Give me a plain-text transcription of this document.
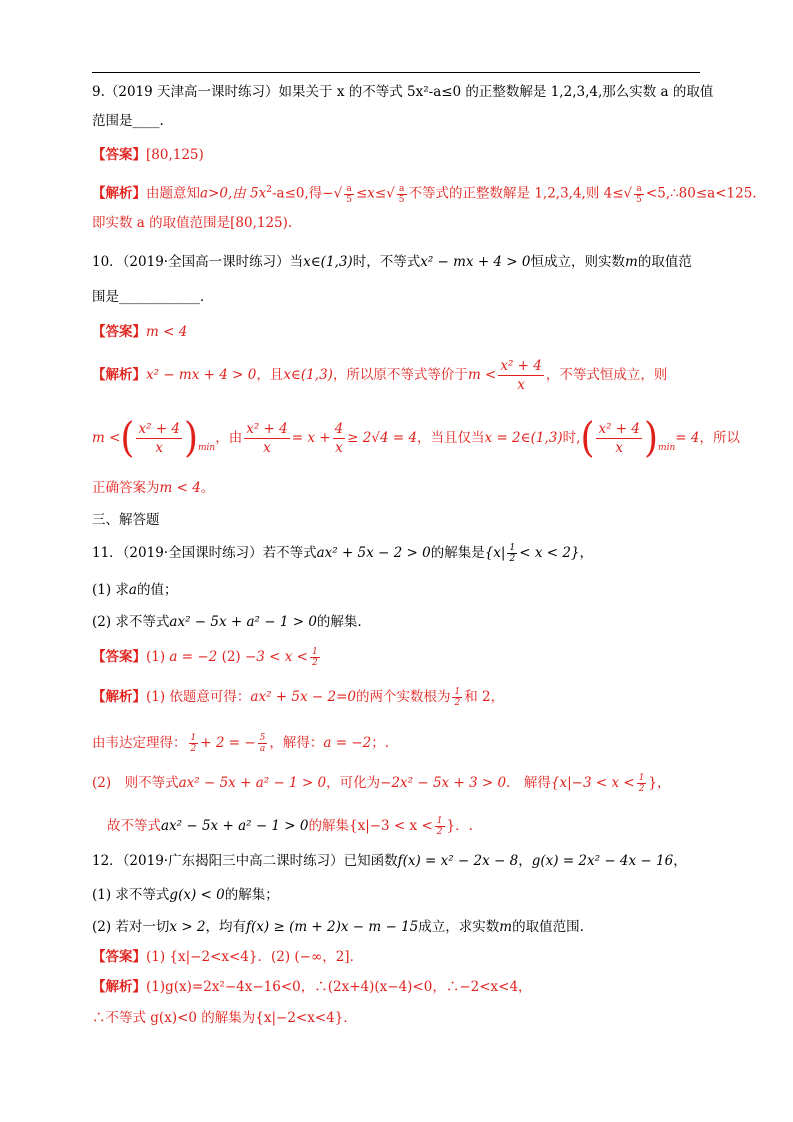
9.（2019 天津高一课时练习）如果关于 x 的不等式 5x²-a≤0 的正整数解是 1,2,3,4,那么实数 a 的取值
范围是____.
【答案】[80,125)
【解析】由题意知a>0,由 $5x^2-a\le 0$,得−√ $\frac{a}{5} \le x\le√ \frac{a}{5}$ 不等式的正整数解是 1,2,3,4,则 $4\le√ \frac{a}{5}$ <5,∴80≤a<125.
即实数 a 的取值范围是[80,125).
10．（2019·全国高一课时练习）当x∈(1,3)时，不等式x² − mx + 4 > 0恒成立，则实数m的取值范
围是____________．
【答案】m < 4
【解析】x² − mx + 4 > 0，且x∈(1,3)，所以原不等式等价于$m < \frac{\text{x² + 4}}{x}$ ，不等式恒成立，则
m <( $\frac{\text{x² + 4}}{x} )_{min}$，由 $\frac{\text{x² + 4}}{x} = x + \frac{4}{x} \ge 2√4 = 4$，当且仅当x = 2∈(1,3)时,( $\frac{\text{x² + 4}}{x} )_{min}= 4$，所以
正确答案为m < 4。
三、解答题
11．（2019·全国课时练习）若不等式ax² + 5x − 2 > 0的解集是$\{x| \frac{1}{2} < x < 2\}$，
(1) 求a的值；
(2) 求不等式ax² − 5x + a² − 1 > 0的解集.
【答案】(1) a = −2 $(2) -3 < x < \frac{1}{2}$
【解析】(1) 依题意可得：ax² + 5x − 2=0的两个实数根为 $\frac{1}{2}$ 和 2，
由韦达定理得： $\frac{1}{2} + 2$ = − $\frac{5}{a}$ ，解得：a = −2；.
(2)　则不等式ax² − 5x + a² − 1 > 0，可化为−2x² − 5x + 3 > 0． 解得{$x|-3 < x < \frac{1}{2}$ }，
故不等式ax² − 5x + a² − 1 > 0的解集{$x|-3 < x < \frac{1}{2}$ }．.
12．（2019·广东揭阳三中高二课时练习）已知函数f(x) = x² − 2x − 8，g(x) = 2x² − 4x − 16，
(1) 求不等式g(x) < 0的解集；
(2) 若对一切x > 2，均有f(x) ≥ (m + 2)x − m − 15成立，求实数m的取值范围.
【答案】(1) {x|−2<x<4}．(2) (−∞，2]．
【解析】(1)g(x)=2x²−4x−16<0，∴(2x+4)(x−4)<0，∴−2<x<4，
∴不等式 g(x)<0 的解集为{x|−2<x<4}．
